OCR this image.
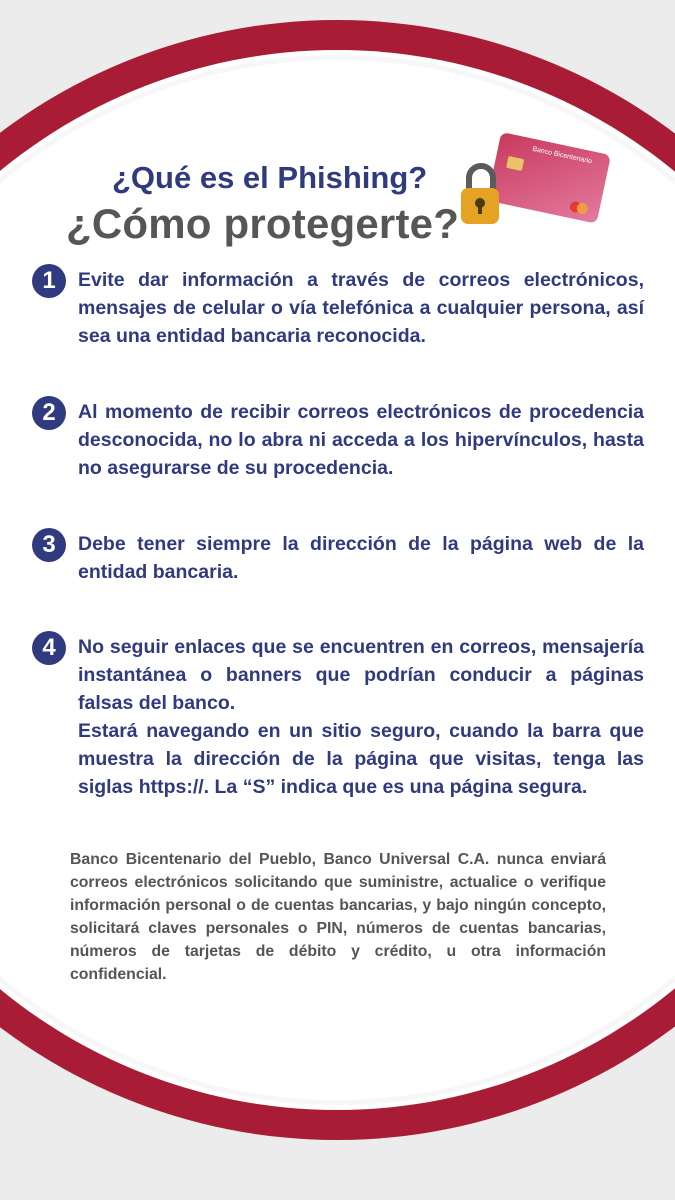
¿Qué es el Phishing?
¿Cómo protegerte?
Banco Bicentenario
1	Evite dar información a través de correos electrónicos, mensajes de celular o vía telefónica a cualquier persona, así sea una entidad bancaria reconocida.

2	Al momento de recibir correos electrónicos de procedencia desconocida, no lo abra ni acceda a los hipervínculos, hasta no asegurarse de su procedencia.

3	Debe tener siempre la dirección de la página web de la entidad bancaria.

4	No seguir enlaces que se encuentren en correos, mensajería instantánea o banners que podrían conducir a páginas falsas del banco.

Estará navegando en un sitio seguro, cuando la barra que muestra la dirección de la página que visitas, tenga las siglas https://. La “S” indica que es una página segura.

Banco Bicentenario del Pueblo, Banco Universal C.A. nunca enviará correos electrónicos solicitando que suministre, actualice o verifique información personal o de cuentas bancarias, y bajo ningún concepto, solicitará claves personales o PIN, números de cuentas bancarias, números de tarjetas de débito y crédito, u otra información confidencial.
